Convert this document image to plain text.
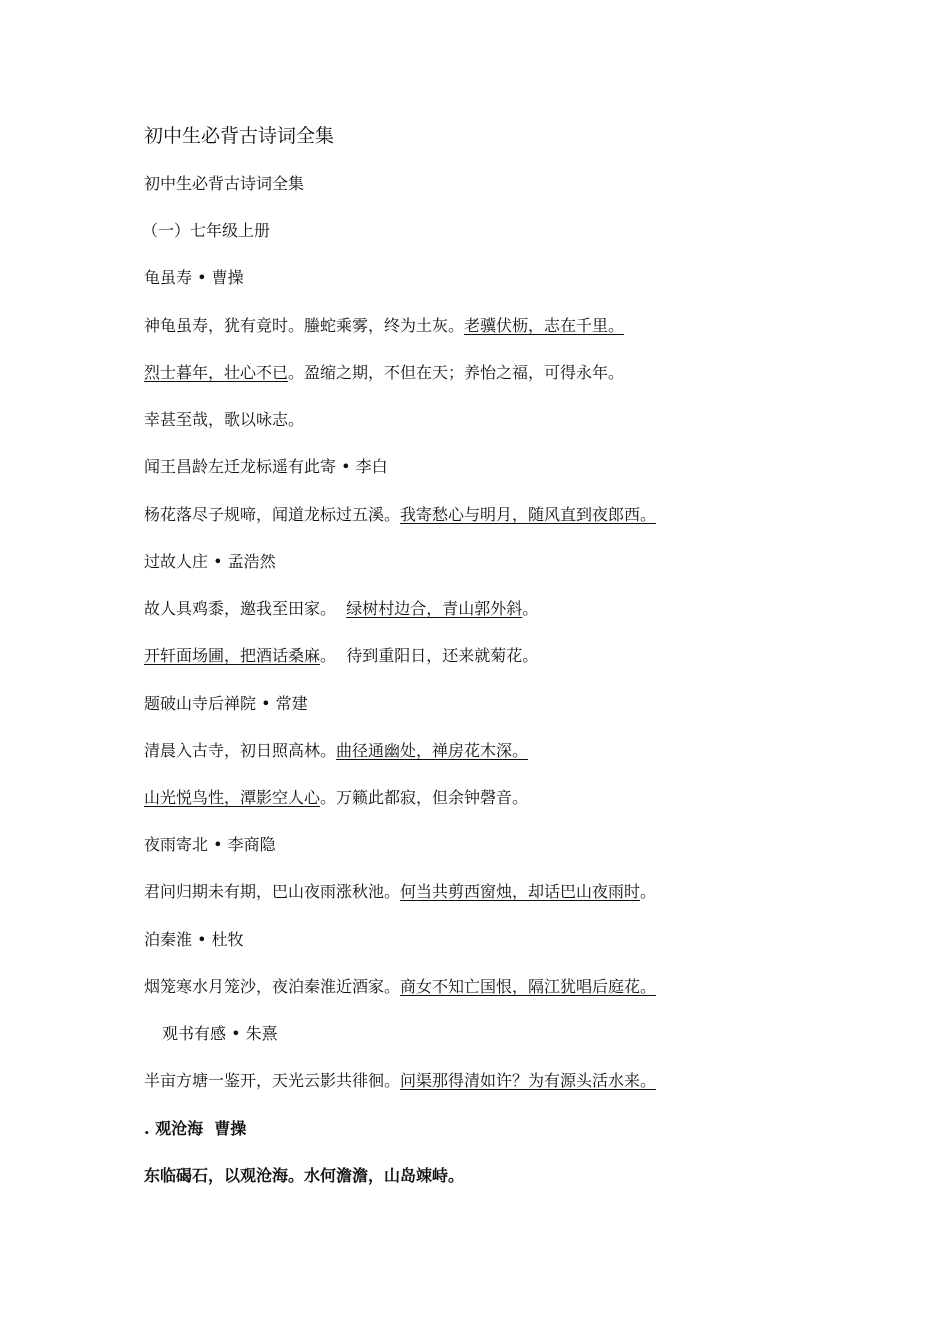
初中生必背古诗词全集
初中生必背古诗词全集
（一）七年级上册
龟虽寿 • 曹操
神龟虽寿，犹有竟时。螣蛇乘雾，终为土灰。老骥伏枥，志在千里。
烈士暮年，壮心不已。盈缩之期，不但在天；养怡之福，可得永年。
幸甚至哉，歌以咏志。
闻王昌龄左迁龙标遥有此寄 • 李白
杨花落尽子规啼，闻道龙标过五溪。我寄愁心与明月，随风直到夜郎西。
过故人庄 • 孟浩然
故人具鸡黍，邀我至田家。  绿树村边合，青山郭外斜。
开轩面场圃，把酒话桑麻。  待到重阳日，还来就菊花。
题破山寺后禅院 • 常建
清晨入古寺，初日照高林。曲径通幽处，禅房花木深。
山光悦鸟性，潭影空人心。万籁此都寂，但余钟磬音。
夜雨寄北 • 李商隐
君问归期未有期，巴山夜雨涨秋池。何当共剪西窗烛，却话巴山夜雨时。
泊秦淮 • 杜牧
烟笼寒水月笼沙，夜泊秦淮近酒家。商女不知亡国恨，隔江犹唱后庭花。
观书有感 • 朱熹
半亩方塘一鉴开，天光云影共徘徊。问渠那得清如许？为有源头活水来。
. 观沧海  曹操
东临碣石，以观沧海。水何澹澹，山岛竦峙。
